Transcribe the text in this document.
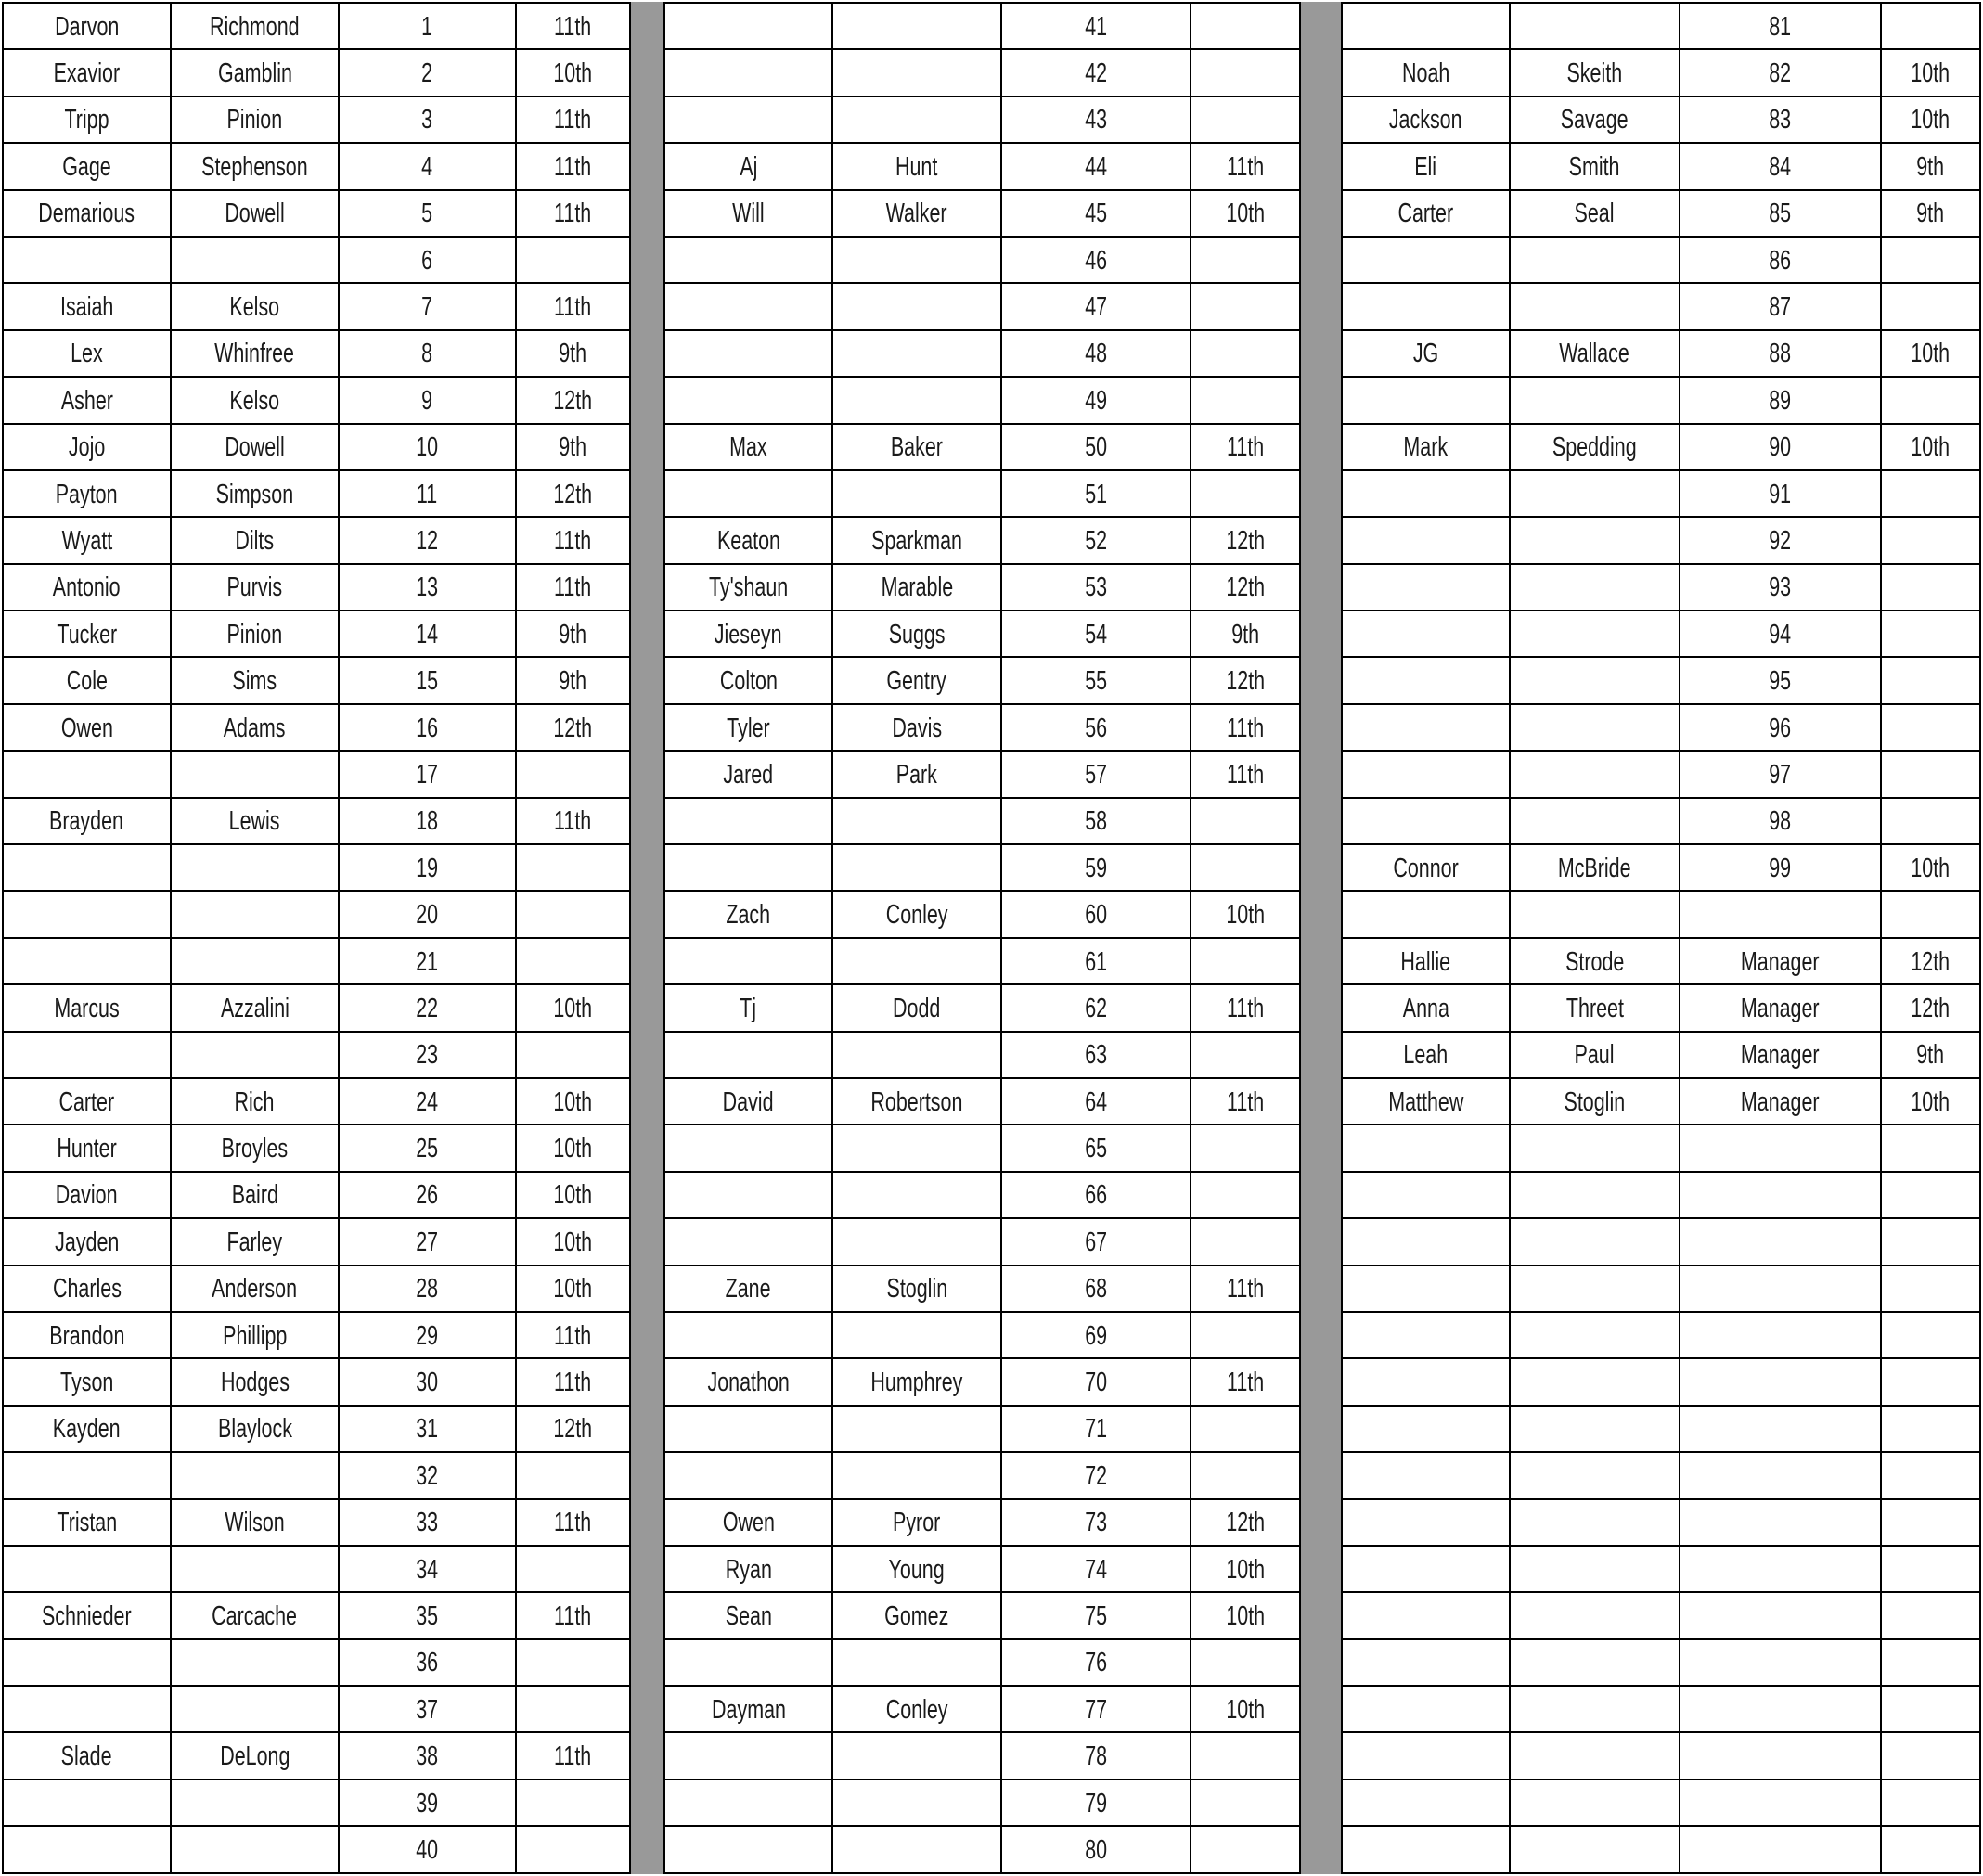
Darvon	Richmond	1	11th
Exavior	Gamblin	2	10th
Tripp	Pinion	3	11th
Gage	Stephenson	4	11th
Demarious	Dowell	5	11th
6
Isaiah	Kelso	7	11th
Lex	Whinfree	8	9th
Asher	Kelso	9	12th
Jojo	Dowell	10	9th
Payton	Simpson	11	12th
Wyatt	Dilts	12	11th
Antonio	Purvis	13	11th
Tucker	Pinion	14	9th
Cole	Sims	15	9th
Owen	Adams	16	12th
17
Brayden	Lewis	18	11th
19
20
21
Marcus	Azzalini	22	10th
23
Carter	Rich	24	10th
Hunter	Broyles	25	10th
Davion	Baird	26	10th
Jayden	Farley	27	10th
Charles	Anderson	28	10th
Brandon	Phillipp	29	11th
Tyson	Hodges	30	11th
Kayden	Blaylock	31	12th
32
Tristan	Wilson	33	11th
34
Schnieder	Carcache	35	11th
36
37
Slade	DeLong	38	11th
39
40
41
42
43
Aj	Hunt	44	11th
Will	Walker	45	10th
46
47
48
49
Max	Baker	50	11th
51
Keaton	Sparkman	52	12th
Ty'shaun	Marable	53	12th
Jieseyn	Suggs	54	9th
Colton	Gentry	55	12th
Tyler	Davis	56	11th
Jared	Park	57	11th
58
59
Zach	Conley	60	10th
61
Tj	Dodd	62	11th
63
David	Robertson	64	11th
65
66
67
Zane	Stoglin	68	11th
69
Jonathon	Humphrey	70	11th
71
72
Owen	Pyror	73	12th
Ryan	Young	74	10th
Sean	Gomez	75	10th
76
Dayman	Conley	77	10th
78
79
80
81
Noah	Skeith	82	10th
Jackson	Savage	83	10th
Eli	Smith	84	9th
Carter	Seal	85	9th
86
87
JG	Wallace	88	10th
89
Mark	Spedding	90	10th
91
92
93
94
95
96
97
98
Connor	McBride	99	10th
Hallie	Strode	Manager	12th
Anna	Threet	Manager	12th
Leah	Paul	Manager	9th
Matthew	Stoglin	Manager	10th
